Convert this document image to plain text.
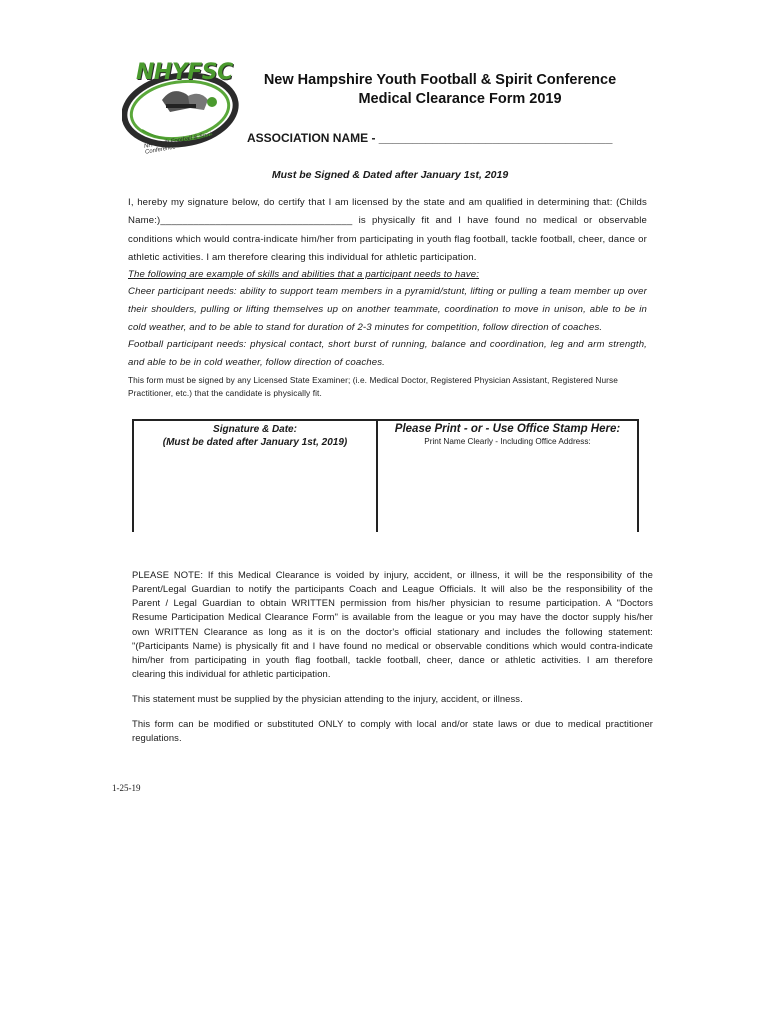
NHYFSC
NH Youth Football & Spirit Conference
New Hampshire Youth Football & Spirit Conference
Medical Clearance Form 2019
ASSOCIATION NAME - ___________________________________
Must be Signed & Dated after January 1st, 2019
I, hereby my signature below, do certify that I am licensed by the state and am qualified in determining that: (Childs
Name:)___________________________________ is physically fit and I have found no medical or observable
conditions which would contra-indicate him/her from participating in youth flag football, tackle football, cheer, dance or
athletic activities. I am therefore clearing this individual for athletic participation.
The following are example of skills and abilities that a participant needs to have:
Cheer participant needs: ability to support team members in a pyramid/stunt, lifting or pulling a team member up over
their shoulders, pulling or lifting themselves up on another teammate, coordination to move in unison, able to be in
cold weather, and to be able to stand for duration of 2-3 minutes for competition, follow direction of coaches.
Football participant needs: physical contact, short burst of running, balance and coordination, leg and arm strength,
and able to be in cold weather, follow direction of coaches.
This form must be signed by any Licensed State Examiner; (i.e. Medical Doctor, Registered Physician Assistant, Registered Nurse
Practitioner, etc.) that the candidate is physically fit.
Signature & Date:
(Must be dated after January 1st, 2019)
Please Print - or - Use Office Stamp Here:
Print Name Clearly - Including Office Address:
PLEASE NOTE: If this Medical Clearance is voided by injury, accident, or illness, it will be the responsibility of the
Parent/Legal Guardian to notify the participants Coach and League Officials. It will also be the responsibility of the
Parent / Legal Guardian to obtain WRITTEN permission from his/her physician to resume participation. A "Doctors
Resume Participation Medical Clearance Form" is available from the league or you may have the doctor supply his/her
own WRITTEN Clearance as long as it is on the doctor's official stationary and includes the following statement:
"(Participants Name) is physically fit and I have found no medical or observable conditions which would contra-indicate
him/her from participating in youth flag football, tackle football, cheer, dance or athletic activities. I am therefore
clearing this individual for athletic participation.
This statement must be supplied by the physician attending to the injury, accident, or illness.
This form can be modified or substituted ONLY to comply with local and/or state laws or due to medical practitioner
regulations.
1-25-19
